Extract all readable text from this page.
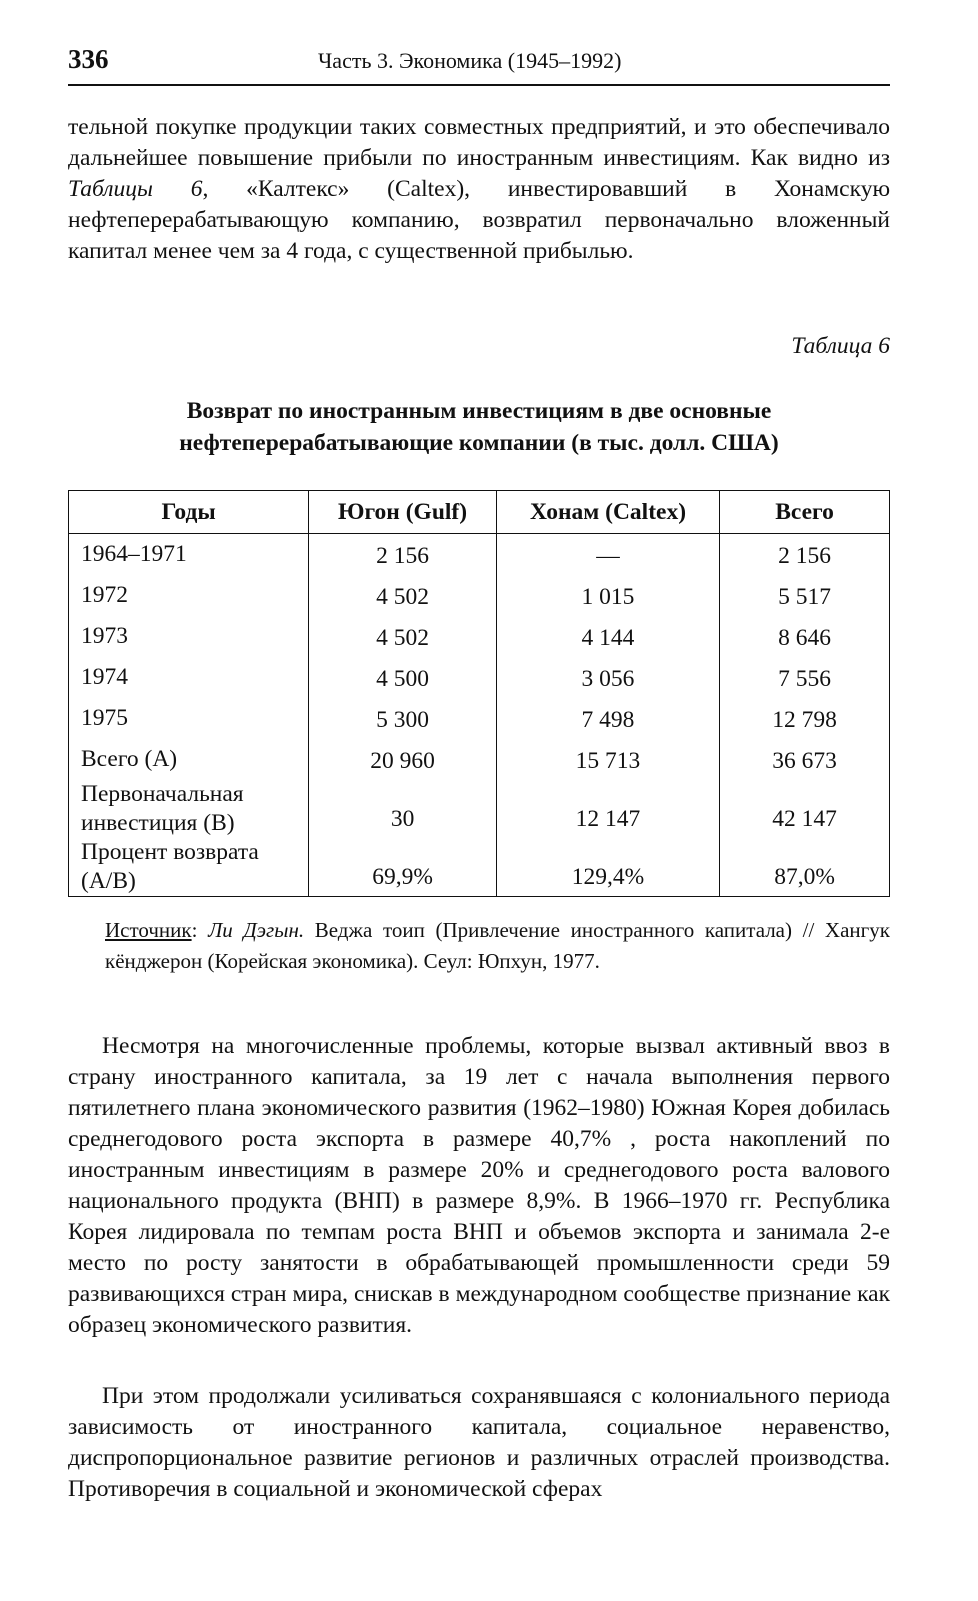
336	Часть 3. Экономика (1945–1992)

тельной покупке продукции таких совместных предприятий, и это обеспечивало дальнейшее повышение прибыли по иностранным инвестициям. Как видно из Таблицы 6, «Калтекс» (Caltex), инвестировавший в Хонамскую нефтеперерабатывающую компанию, возвратил первоначально вложенный капитал менее чем за 4 года, с существенной прибылью.

Таблица 6
Возврат по иностранным инвестициям в две основные
нефтеперерабатывающие компании (в тыс. долл. США)
Годы	Югон (Gulf)	Хонам (Caltex)	Всего
1964–1971	2 156	—	2 156
1972	4 502	1 015	5 517
1973	4 502	4 144	8 646
1974	4 500	3 056	7 556
1975	5 300	7 498	12 798
Всего (А)	20 960	15 713	36 673

Первоначальная
инвестиция (В)	30	12 147	42 147

Процент возврата
(А/В)	69,9%	129,4%	87,0%
Источник: Ли Дэгын. Веджа тоип (Привлечение иностранного капитала) // Хангук кёнджерон (Корейская экономика). Сеул: Юпхун, 1977.

Несмотря на многочисленные проблемы, которые вызвал активный ввоз в страну иностранного капитала, за 19 лет с начала выполнения первого пятилетнего плана экономического развития (1962–1980) Южная Корея добилась среднегодового роста экспорта в размере 40,7% , роста накоплений по иностранным инвестициям в размере 20% и среднегодового роста валового национального продукта (ВНП) в размере 8,9%. В 1966–1970 гг. Республика Корея лидировала по темпам роста ВНП и объемов экспорта и занимала 2-е место по росту занятости в обрабатывающей промышленности среди 59 развивающихся стран мира, снискав в международном сообществе признание как образец экономического развития.

При этом продолжали усиливаться сохранявшаяся с колониального периода зависимость от иностранного капитала, социальное неравенство, диспропорциональное развитие регионов и различных отраслей производства. Противоречия в социальной и экономической сферах
